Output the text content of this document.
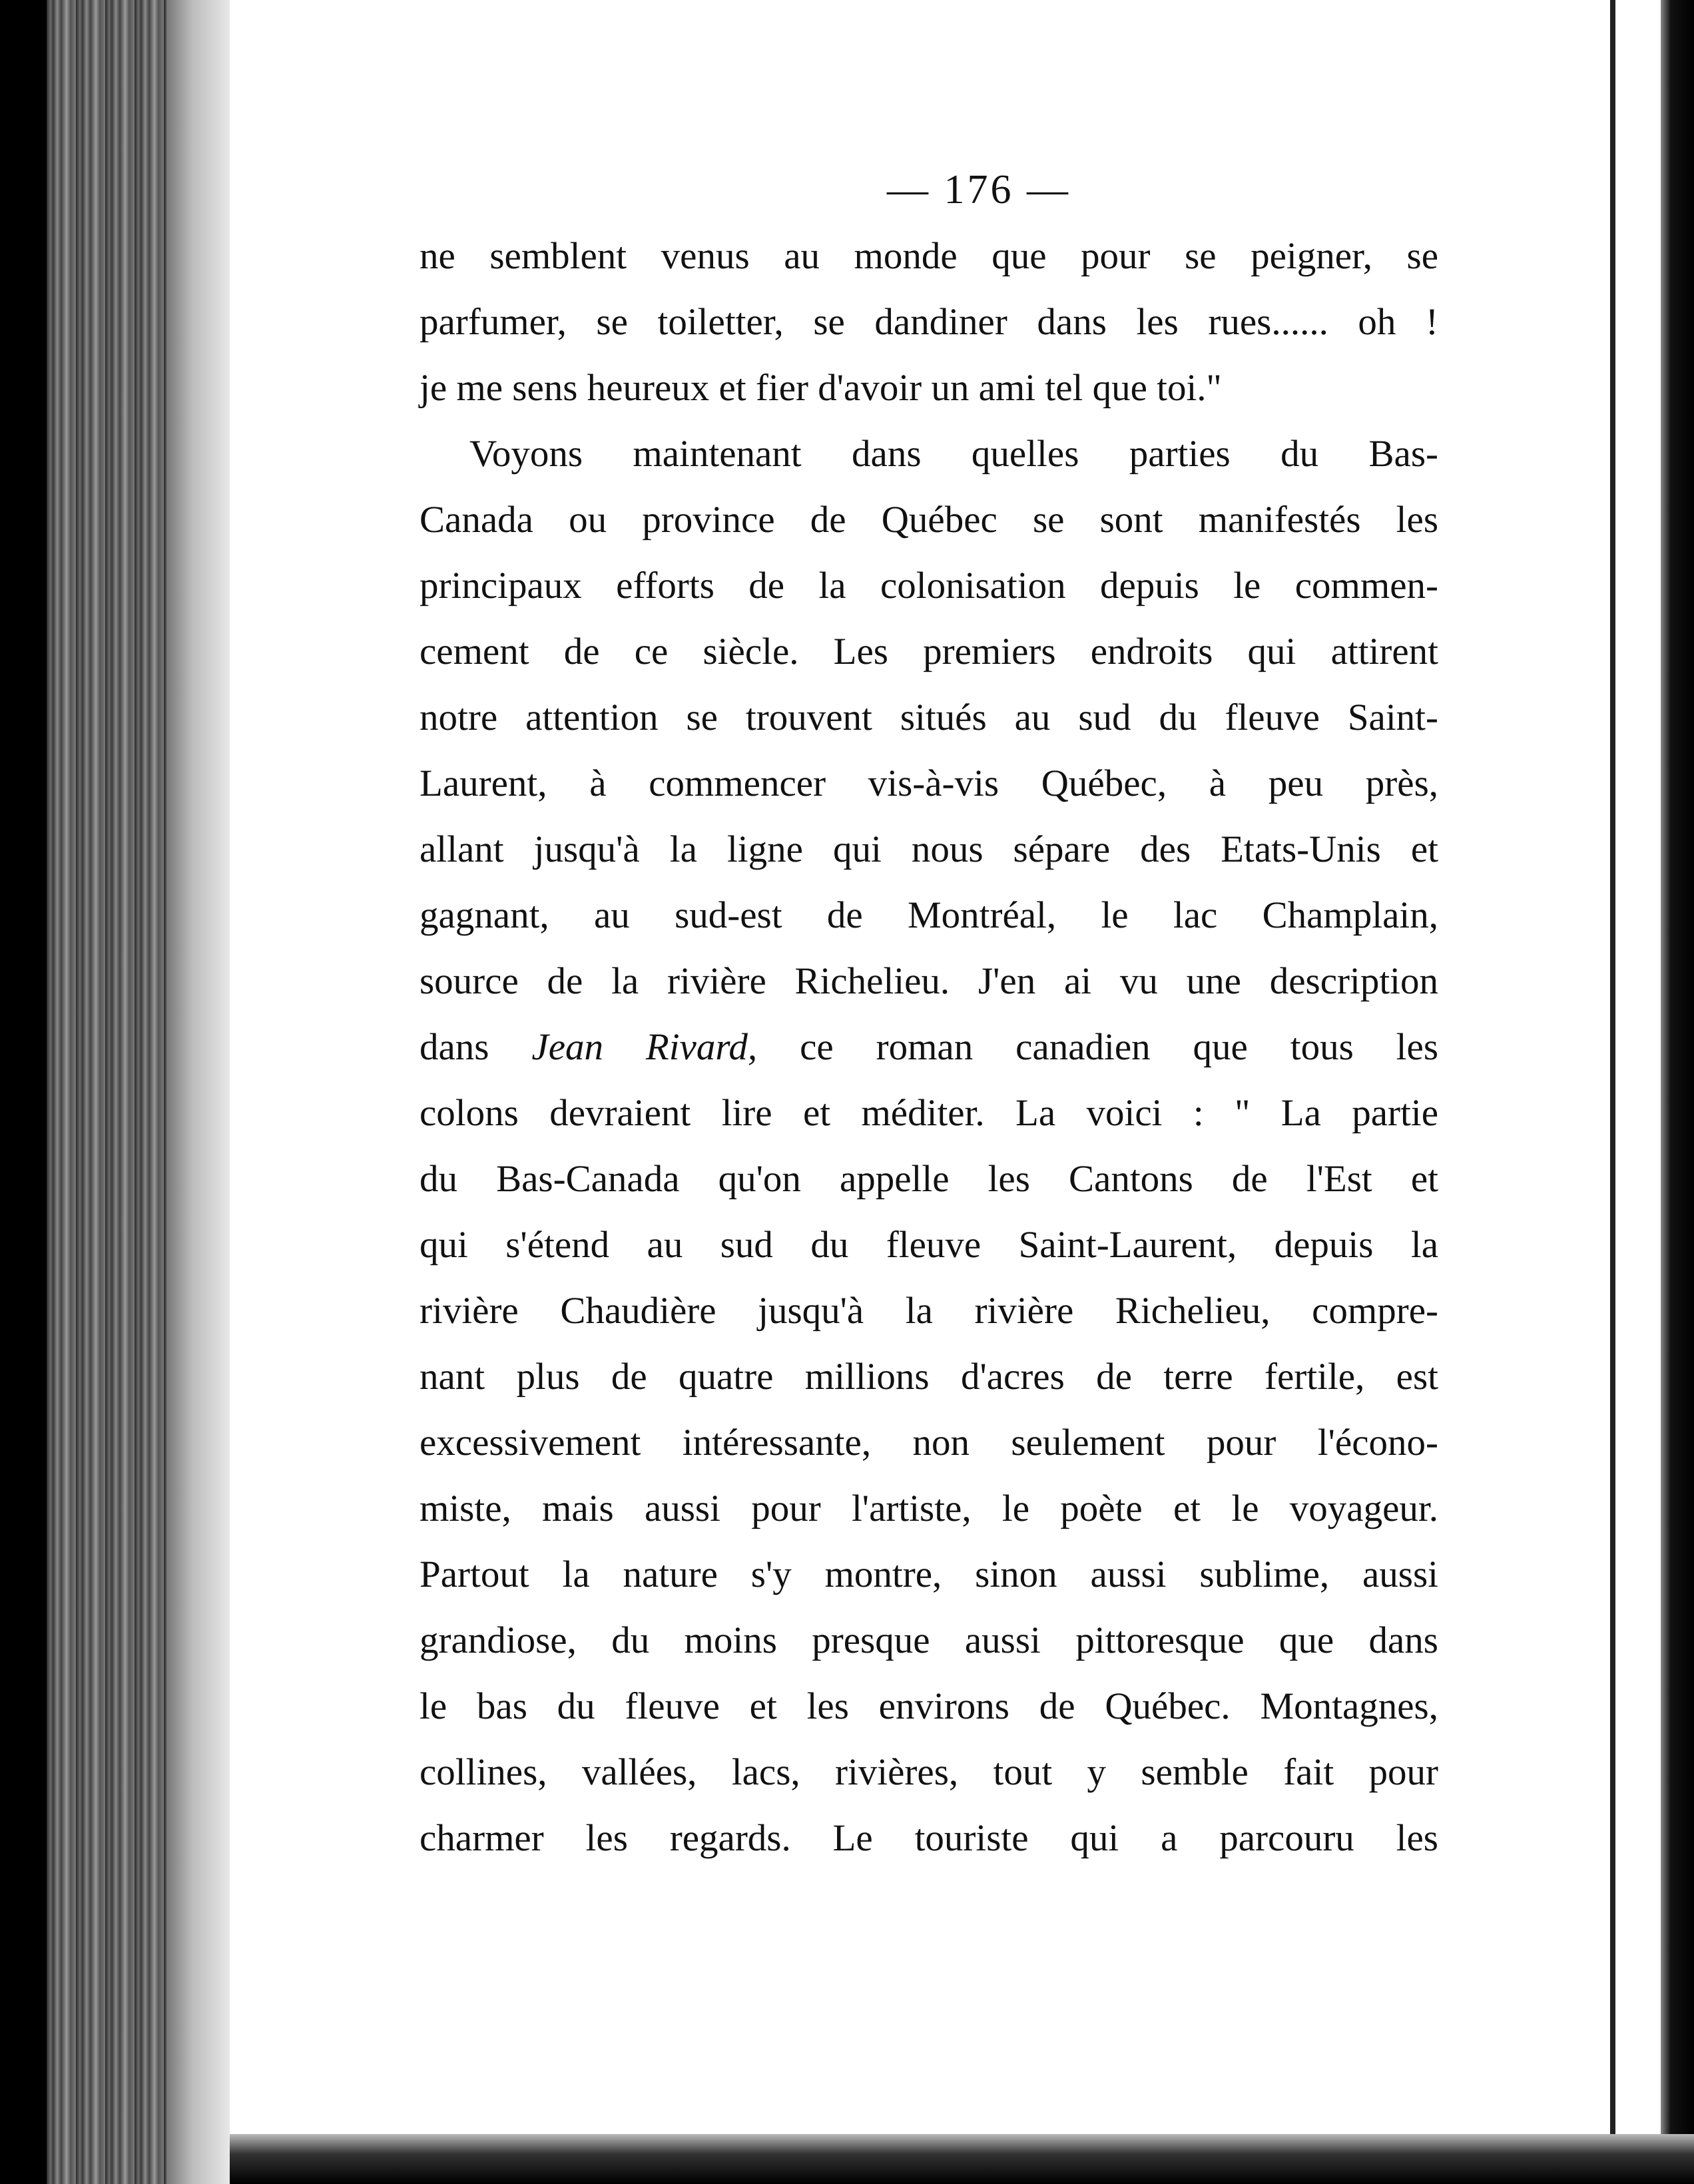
— 176 —
ne semblent venus au monde que pour se peigner, se
parfumer, se toiletter, se dandiner dans les rues...... oh !
je me sens heureux et fier d'avoir un ami tel que toi."
Voyons maintenant dans quelles parties du Bas-
Canada ou province de Québec se sont manifestés les
principaux efforts de la colonisation depuis le commen-
cement de ce siècle. Les premiers endroits qui attirent
notre attention se trouvent situés au sud du fleuve Saint-
Laurent, à commencer vis-à-vis Québec, à peu près,
allant jusqu'à la ligne qui nous sépare des Etats-Unis et
gagnant, au sud-est de Montréal, le lac Champlain,
source de la rivière Richelieu. J'en ai vu une description
dans Jean Rivard, ce roman canadien que tous les
colons devraient lire et méditer. La voici : " La partie
du Bas-Canada qu'on appelle les Cantons de l'Est et
qui s'étend au sud du fleuve Saint-Laurent, depuis la
rivière Chaudière jusqu'à la rivière Richelieu, compre-
nant plus de quatre millions d'acres de terre fertile, est
excessivement intéressante, non seulement pour l'écono-
miste, mais aussi pour l'artiste, le poète et le voyageur.
Partout la nature s'y montre, sinon aussi sublime, aussi
grandiose, du moins presque aussi pittoresque que dans
le bas du fleuve et les environs de Québec. Montagnes,
collines, vallées, lacs, rivières, tout y semble fait pour
charmer les regards. Le touriste qui a parcouru les
